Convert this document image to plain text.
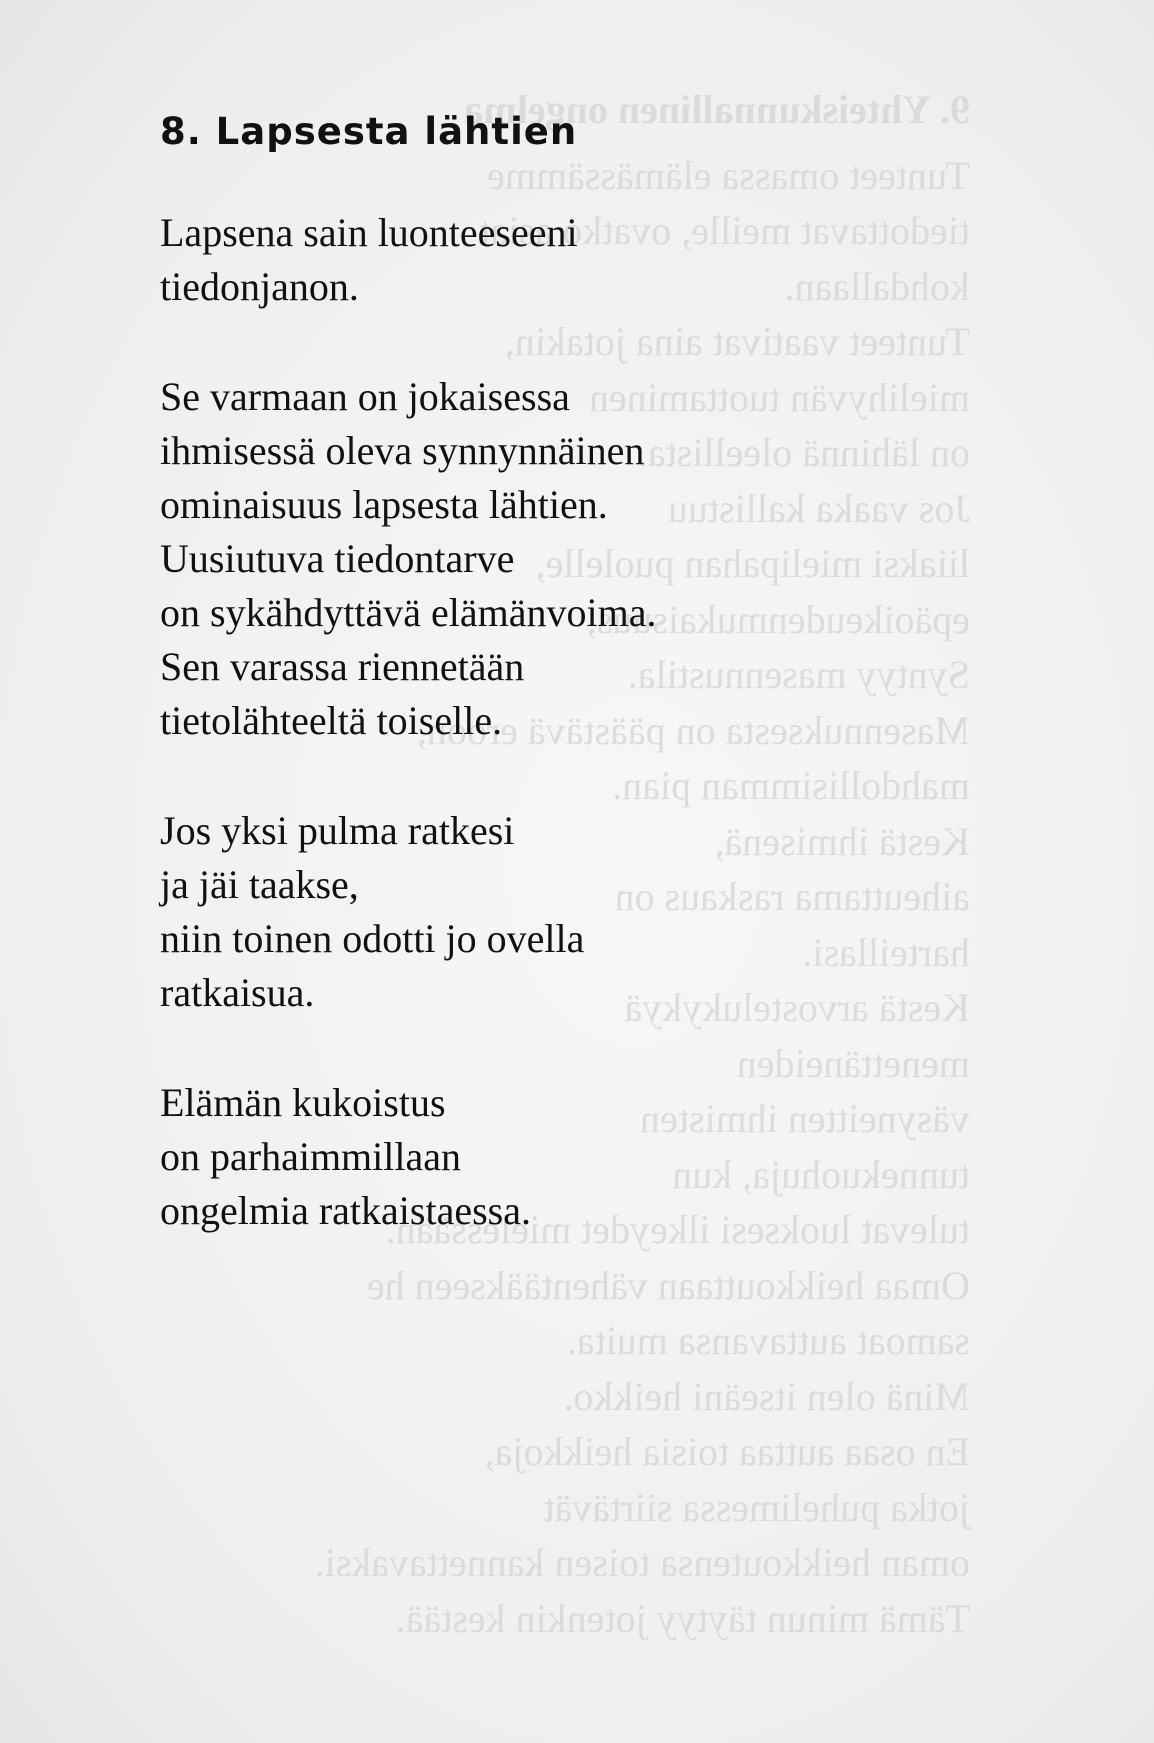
9. Yhteiskunnallinen ongelma

Tunteet omassa elämässämme

tiedottavat meille, ovatko asiat

kohdallaan.

Tunteet vaativat aina jotakin,

mielihyvän tuottaminen

on lähinnä oleellista.

Jos vaaka kallistuu

liiaksi mielipahan puolelle,

epäoikeudenmukaisuus,

Syntyy masennustila.

Masennuksesta on päästävä eroon,

mahdollisimman pian.

Kestä ihmisenä,

aiheuttama raskaus on

harteillasi.

Kestä arvostelukykyä

menettäneiden

väsyneitten ihmisten

tunnekuohuja, kun

tulevat luoksesi ilkeydet mielessään.

Omaa heikkouttaan vähentääkseen he

samoat auttavansa muita.

Minä olen itseäni heikko.

En osaa auttaa toisia heikkoja,

jotka puhelimessa siirtävät

oman heikkoutensa toisen kannettavaksi.

Tämä minun täytyy jotenkin kestää.

8. Lapsesta lähtien

Lapsena sain luonteeseeni

tiedonjanon.

Se varmaan on jokaisessa

ihmisessä oleva synnynnäinen

ominaisuus lapsesta lähtien.

Uusiutuva tiedontarve

on sykähdyttävä elämänvoima.

Sen varassa riennetään

tietolähteeltä toiselle.

Jos yksi pulma ratkesi

ja jäi taakse,

niin toinen odotti jo ovella

ratkaisua.

Elämän kukoistus

on parhaimmillaan

ongelmia ratkaistaessa.
